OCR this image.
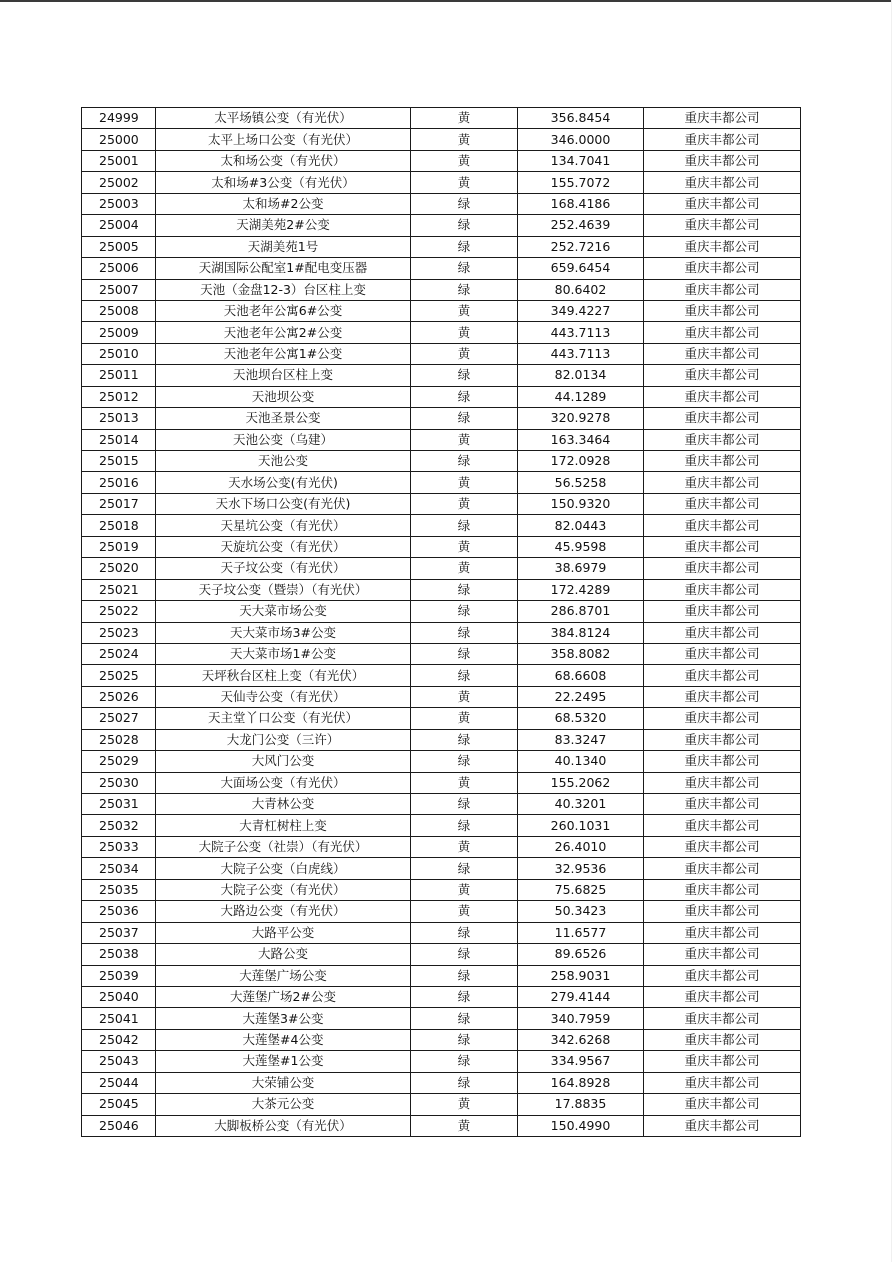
24999	太平场镇公变（有光伏）	黄	356.8454	重庆丰都公司
25000	太平上场口公变（有光伏）	黄	346.0000	重庆丰都公司
25001	太和场公变（有光伏）	黄	134.7041	重庆丰都公司
25002	太和场#3公变（有光伏）	黄	155.7072	重庆丰都公司
25003	太和场#2公变	绿	168.4186	重庆丰都公司
25004	天湖美苑2#公变	绿	252.4639	重庆丰都公司
25005	天湖美苑1号	绿	252.7216	重庆丰都公司
25006	天湖国际公配室1#配电变压器	绿	659.6454	重庆丰都公司
25007	天池（金盘12-3）台区柱上变	绿	80.6402	重庆丰都公司
25008	天池老年公寓6#公变	黄	349.4227	重庆丰都公司
25009	天池老年公寓2#公变	黄	443.7113	重庆丰都公司
25010	天池老年公寓1#公变	黄	443.7113	重庆丰都公司
25011	天池坝台区柱上变	绿	82.0134	重庆丰都公司
25012	天池坝公变	绿	44.1289	重庆丰都公司
25013	天池圣景公变	绿	320.9278	重庆丰都公司
25014	天池公变（乌建）	黄	163.3464	重庆丰都公司
25015	天池公变	绿	172.0928	重庆丰都公司
25016	天水场公变(有光伏)	黄	56.5258	重庆丰都公司
25017	天水下场口公变(有光伏)	黄	150.9320	重庆丰都公司
25018	天星坑公变（有光伏）	绿	82.0443	重庆丰都公司
25019	天旋坑公变（有光伏）	黄	45.9598	重庆丰都公司
25020	天子坟公变（有光伏）	黄	38.6979	重庆丰都公司
25021	天子坟公变（暨崇）（有光伏）	绿	172.4289	重庆丰都公司
25022	天大菜市场公变	绿	286.8701	重庆丰都公司
25023	天大菜市场3#公变	绿	384.8124	重庆丰都公司
25024	天大菜市场1#公变	绿	358.8082	重庆丰都公司
25025	天坪秋台区柱上变（有光伏）	绿	68.6608	重庆丰都公司
25026	天仙寺公变（有光伏）	黄	22.2495	重庆丰都公司
25027	天主堂丫口公变（有光伏）	黄	68.5320	重庆丰都公司
25028	大龙门公变（三许）	绿	83.3247	重庆丰都公司
25029	大风门公变	绿	40.1340	重庆丰都公司
25030	大面场公变（有光伏）	黄	155.2062	重庆丰都公司
25031	大青林公变	绿	40.3201	重庆丰都公司
25032	大青杠树柱上变	绿	260.1031	重庆丰都公司
25033	大院子公变（社崇）（有光伏）	黄	26.4010	重庆丰都公司
25034	大院子公变（白虎线）	绿	32.9536	重庆丰都公司
25035	大院子公变（有光伏）	黄	75.6825	重庆丰都公司
25036	大路边公变（有光伏）	黄	50.3423	重庆丰都公司
25037	大路平公变	绿	11.6577	重庆丰都公司
25038	大路公变	绿	89.6526	重庆丰都公司
25039	大莲堡广场公变	绿	258.9031	重庆丰都公司
25040	大莲堡广场2#公变	绿	279.4144	重庆丰都公司
25041	大莲堡3#公变	绿	340.7959	重庆丰都公司
25042	大莲堡#4公变	绿	342.6268	重庆丰都公司
25043	大莲堡#1公变	绿	334.9567	重庆丰都公司
25044	大荣铺公变	绿	164.8928	重庆丰都公司
25045	大茶元公变	黄	17.8835	重庆丰都公司
25046	大脚板桥公变（有光伏）	黄	150.4990	重庆丰都公司
